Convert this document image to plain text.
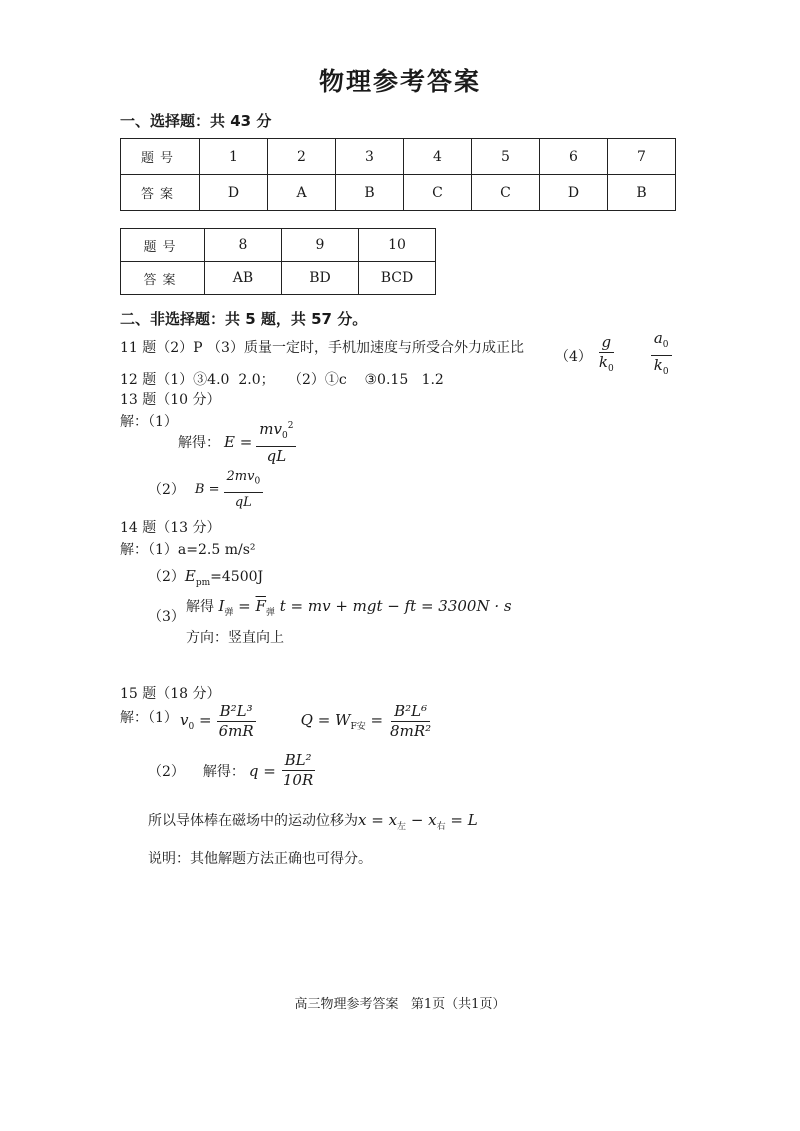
物理参考答案
一、选择题：共 43 分
题号	1	2	3	4	5	6	7
答案	D	A	B	C	C	D	B
题号	8	9	10
答案	AB	BD	BCD
二、非选择题：共 5 题，共 57 分。
11 题（2）P （3）质量一定时，手机加速度与所受合外力成正比
$(4) \frac{g}{k_0} \frac{a_0}{k_0}$
12 题（1）③4.0  2.0；   （2）①c    ③0.15   1.2
13 题（10 分）
解：（1）
解得： $E = \frac{mv_0^2}{qL}$
（2） $B = \frac{2mv_0}{qL}$
14 题（13 分）
解：（1）a=2.5 m/s²
$(2)E_{pm}=4500J$
（3）
解得 $I_弹 = \overline{F}_弹$ t = mv + mgt − ft = 3300N · s
方向：竖直向上
15 题（18 分）
解：（1） $v_0 = \frac{\text{B²L³}}{6mR}$	$Q = W_{F安} = \frac{\text{B²L⁶}}{\text{8mR²}}$
（2） 解得： $q = \frac{\text{BL²}}{10R}$
所以导体棒在磁场中的运动位移为$x = x_左 - x_右 = L$
说明：其他解题方法正确也可得分。
高三物理参考答案   第1页（共1页）
